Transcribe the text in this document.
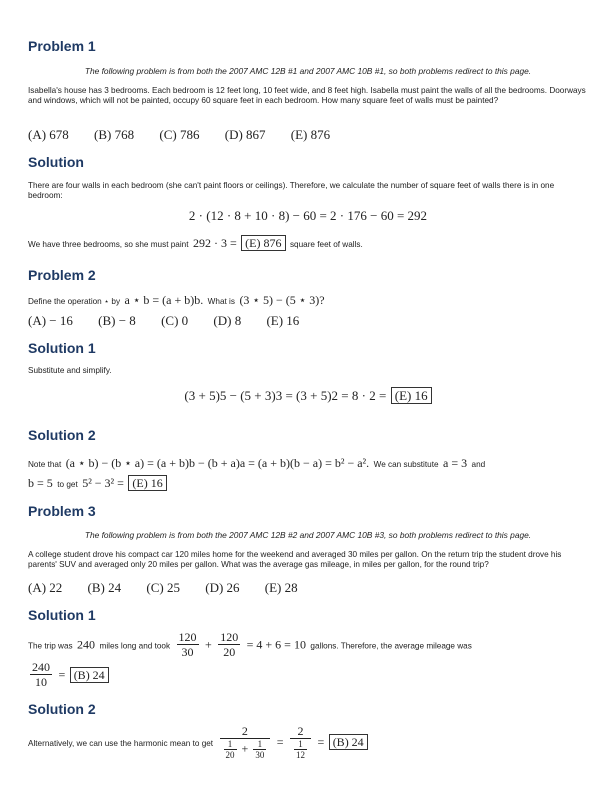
Problem 1
The following problem is from both the 2007 AMC 12B #1 and 2007 AMC 10B #1, so both problems redirect to this page.
Isabella's house has 3 bedrooms. Each bedroom is 12 feet long, 10 feet wide, and 8 feet high. Isabella must paint the walls of all the bedrooms. Doorways and windows, which will not be painted, occupy 60 square feet in each bedroom. How many square feet of walls must be painted?
(A) 678 (B) 768 (C) 786 (D) 867 (E) 876
Solution
There are four walls in each bedroom (she can't paint floors or ceilings). Therefore, we calculate the number of square feet of walls there is in one bedroom:
2 · (12 · 8 + 10 · 8) − 60 = 2 · 176 − 60 = 292
We have three bedrooms, so she must paint 292 · 3 = (E) 876 square feet of walls.
Problem 2
Define the operation ⋆ by a ⋆ b = (a + b)b. What is (3 ⋆ 5) − (5 ⋆ 3)?
(A) − 16 (B) − 8 (C) 0 (D) 8 (E) 16
Solution 1
Substitute and simplify.
(3 + 5)5 − (5 + 3)3 = (3 + 5)2 = 8 · 2 = (E) 16
Solution 2
Note that (a ⋆ b) − (b ⋆ a) = (a + b)b − (b + a)a = (a + b)(b − a) = b² − a². We can substitute a = 3 and
b = 5 to get 5² − 3² = (E) 16
Problem 3
The following problem is from both the 2007 AMC 12B #2 and 2007 AMC 10B #3, so both problems redirect to this page.
A college student drove his compact car 120 miles home for the weekend and averaged 30 miles per gallon. On the return trip the student drove his parents' SUV and averaged only 20 miles per gallon. What was the average gas mileage, in miles per gallon, for the round trip?
(A) 22 (B) 24 (C) 25 (D) 26 (E) 28
Solution 1
The trip was 240 miles long and took $\frac{120}{30} + \frac{120}{20} = 4 + 6 = 10$ gallons. Therefore, the average mileage was
$\frac{240}{10} = (B)$ 24
Solution 2
Alternatively, we can use the harmonic mean to get $\frac{2}{\frac{1}{20} + \frac{1}{30}} = \frac{2}{\frac{1}{12}} = (B)$ 24
